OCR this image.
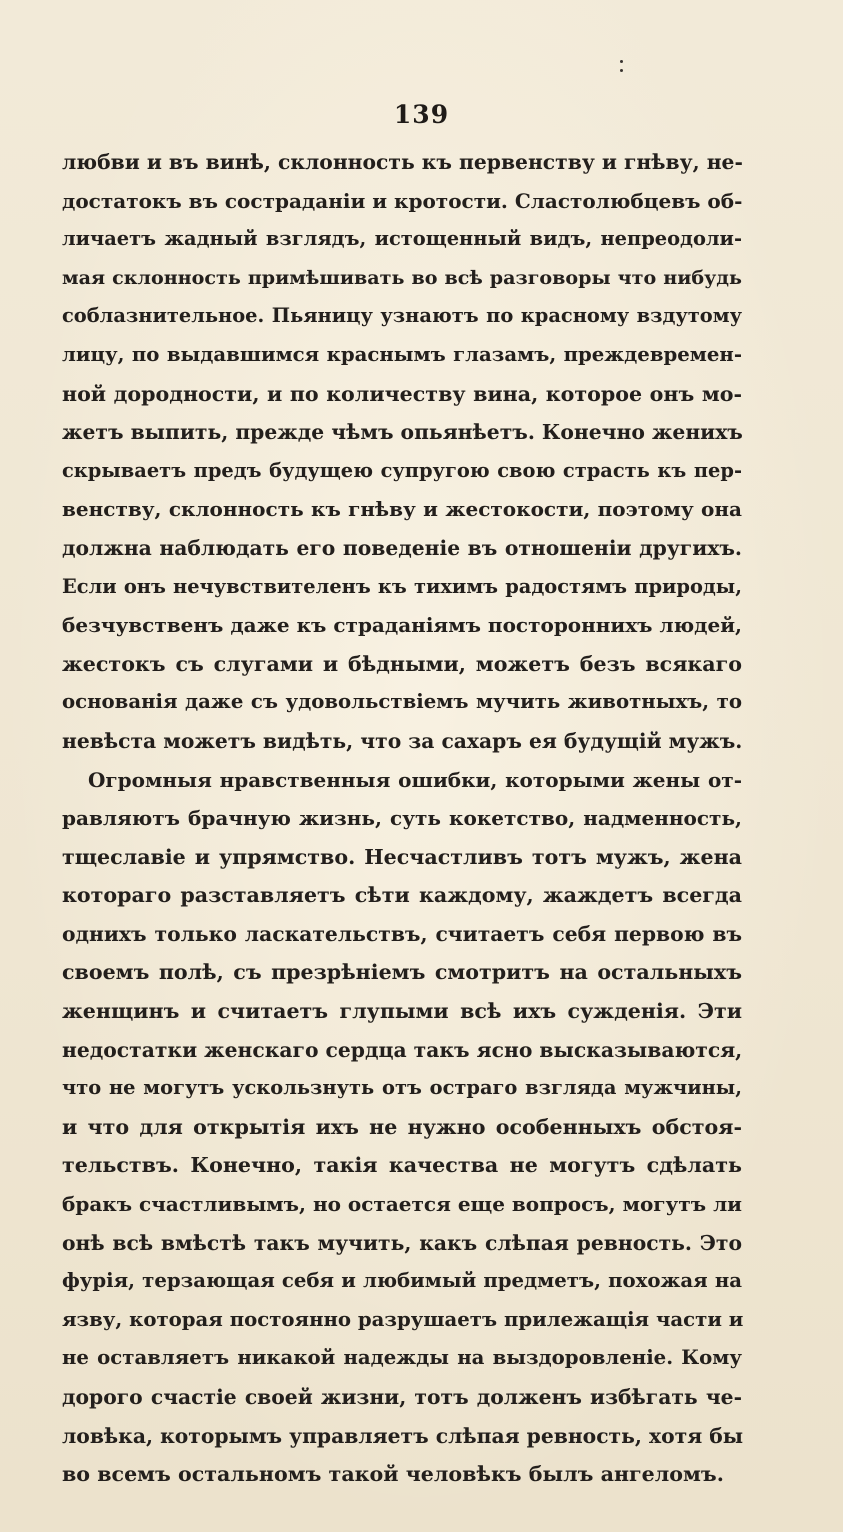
139
любви и въ винѣ, склонность къ первенству и гнѣву, не-
достатокъ въ состраданіи и кротости. Сластолюбцевъ об-
личаетъ жадный взглядъ, истощенный видъ, непреодоли-
мая склонность примѣшивать во всѣ разговоры что нибудь
соблазнительное. Пьяницу узнаютъ по красному вздутому
лицу, по выдавшимся краснымъ глазамъ, преждевремен-
ной дородности, и по количеству вина, которое онъ мо-
жетъ выпить, прежде чѣмъ опьянѣетъ. Конечно женихъ
скрываетъ предъ будущею супругою свою страсть къ пер-
венству, склонность къ гнѣву и жестокости, поэтому она
должна наблюдать его поведеніе въ отношеніи другихъ.
Если онъ нечувствителенъ къ тихимъ радостямъ природы,
безчувственъ даже къ страданіямъ постороннихъ людей,
жестокъ съ слугами и бѣдными, можетъ безъ всякаго
основанія даже съ удовольствіемъ мучить животныхъ, то
невѣста можетъ видѣть, что за сахаръ ея будущій мужъ.
Огромныя нравственныя ошибки, которыми жены от-
равляютъ брачную жизнь, суть кокетство, надменность,
тщеславіе и упрямство. Несчастливъ тотъ мужъ, жена
котораго разставляетъ сѣти каждому, жаждетъ всегда
однихъ только ласкательствъ, считаетъ себя первою въ
своемъ полѣ, съ презрѣніемъ смотритъ на остальныхъ
женщинъ и считаетъ глупыми всѣ ихъ сужденія. Эти
недостатки женскаго сердца такъ ясно высказываются,
что не могутъ ускользнуть отъ остраго взгляда мужчины,
и что для открытія ихъ не нужно особенныхъ обстоя-
тельствъ. Конечно, такія качества не могутъ сдѣлать
бракъ счастливымъ, но остается еще вопросъ, могутъ ли
онѣ всѣ вмѣстѣ такъ мучить, какъ слѣпая ревность. Это
фурія, терзающая себя и любимый предметъ, похожая на
язву, которая постоянно разрушаетъ прилежащія части и
не оставляетъ никакой надежды на выздоровленіе. Кому
дорого счастіе своей жизни, тотъ долженъ избѣгать че-
ловѣка, которымъ управляетъ слѣпая ревность, хотя бы
во всемъ остальномъ такой человѣкъ былъ ангеломъ.
